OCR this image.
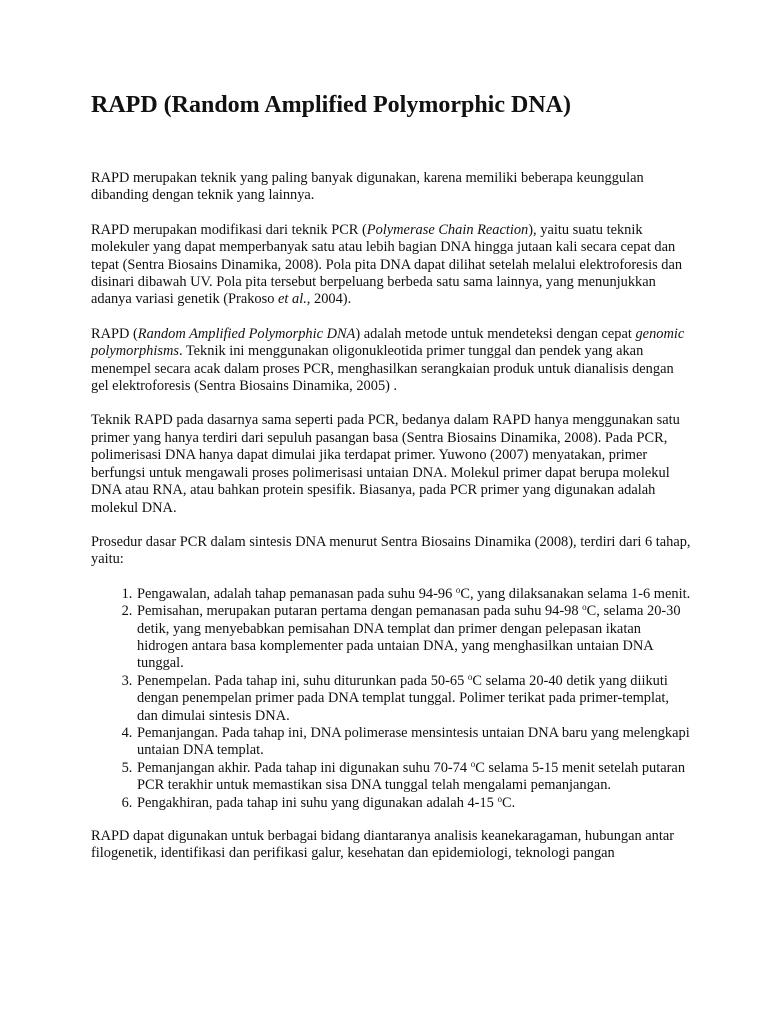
RAPD (Random Amplified Polymorphic DNA)

RAPD merupakan teknik yang paling banyak digunakan, karena memiliki beberapa keunggulan dibanding dengan teknik yang lainnya.

RAPD merupakan modifikasi dari teknik PCR (Polymerase Chain Reaction), yaitu suatu teknik molekuler yang dapat memperbanyak satu atau lebih bagian DNA hingga jutaan kali secara cepat dan tepat (Sentra Biosains Dinamika, 2008). Pola pita DNA dapat dilihat setelah melalui elektroforesis dan disinari dibawah UV. Pola pita tersebut berpeluang berbeda satu sama lainnya, yang menunjukkan adanya variasi genetik (Prakoso et al., 2004).

RAPD (Random Amplified Polymorphic DNA) adalah metode untuk mendeteksi dengan cepat genomic polymorphisms. Teknik ini menggunakan oligonukleotida primer tunggal dan pendek yang akan menempel secara acak dalam proses PCR, menghasilkan serangkaian produk untuk dianalisis dengan gel elektroforesis (Sentra Biosains Dinamika, 2005) .

Teknik RAPD pada dasarnya sama seperti pada PCR, bedanya dalam RAPD hanya menggunakan satu primer yang hanya terdiri dari sepuluh pasangan basa (Sentra Biosains Dinamika, 2008). Pada PCR, polimerisasi DNA hanya dapat dimulai jika terdapat primer. Yuwono (2007) menyatakan, primer berfungsi untuk mengawali proses polimerisasi untaian DNA. Molekul primer dapat berupa molekul DNA atau RNA, atau bahkan protein spesifik. Biasanya, pada PCR primer yang digunakan adalah molekul DNA.

Prosedur dasar PCR dalam sintesis DNA menurut Sentra Biosains Dinamika (2008), terdiri dari 6 tahap, yaitu:

1. Pengawalan, adalah tahap pemanasan pada suhu 94-96 $^o$C, yang dilaksanakan selama 1-6 menit.
2. Pemisahan, merupakan putaran pertama dengan pemanasan pada suhu 94-98 $^o$C, selama 20-30 detik, yang menyebabkan pemisahan DNA templat dan primer dengan pelepasan ikatan hidrogen antara basa komplementer pada untaian DNA, yang menghasilkan untaian DNA tunggal.
3. Penempelan. Pada tahap ini, suhu diturunkan pada 50-65 $^o$C selama 20-40 detik yang diikuti dengan penempelan primer pada DNA templat tunggal. Polimer terikat pada primer-templat, dan dimulai sintesis DNA.
4. Pemanjangan. Pada tahap ini, DNA polimerase mensintesis untaian DNA baru yang melengkapi untaian DNA templat.
5. Pemanjangan akhir. Pada tahap ini digunakan suhu 70-74 $^o$C selama 5-15 menit setelah putaran PCR terakhir untuk memastikan sisa DNA tunggal telah mengalami pemanjangan.
6. Pengakhiran, pada tahap ini suhu yang digunakan adalah 4-15 $^o$C.

RAPD dapat digunakan untuk berbagai bidang diantaranya analisis keanekaragaman, hubungan antar filogenetik, identifikasi dan perifikasi galur, kesehatan dan epidemiologi, teknologi pangan
